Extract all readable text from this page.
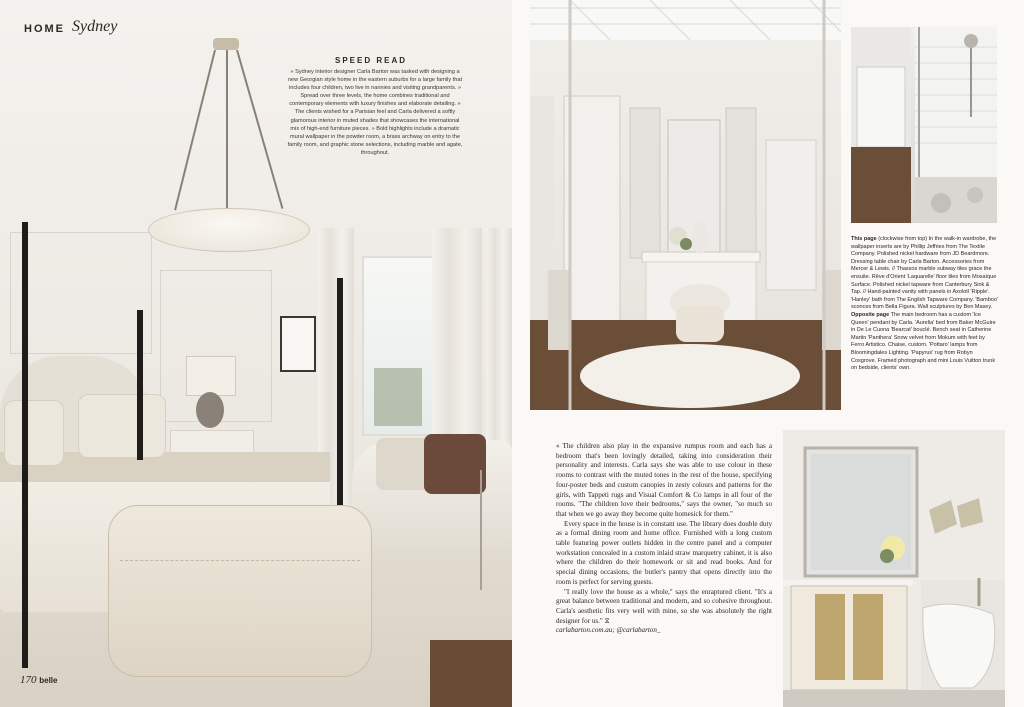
HOME Sydney
SPEED READ
» Sydney interior designer Carla Barton was tasked with designing a new Georgian style home in the eastern suburbs for a large family that includes four children, two live in nannies and visiting grandparents. » Spread over three levels, the home combines traditional and contemporary elements with luxury finishes and elaborate detailing. » The clients wished for a Parisian feel and Carla delivered a softly glamorous interior in muted shades that showcases the international mix of high-end furniture pieces. » Bold highlights include a dramatic mural wallpaper in the powder room, a brass archway on entry to the family room, and graphic stone selections, including marble and agate, throughout.
170 belle
This page (clockwise from top) In the walk-in wardrobe, the wallpaper inserts are by Phillip Jeffries from The Textile Company. Polished nickel hardware from JD Beardmore. Dressing table chair by Carla Barton. Accessories from Mercer & Lewis. // Thassos marble subway tiles grace the ensuite. Rêve d'Orient 'Laquarelle' floor tiles from Mosaïque Surface. Polished nickel tapware from Canterbury Sink & Tap. // Hand-painted vanity with panels in Axolotl 'Ripple'. 'Hanley' bath from The English Tapware Company. 'Bamboo' sconces from Bella Figura. Wall sculptures by Ben Masey. Opposite page The main bedroom has a custom 'Ice Queen' pendant by Carla. 'Aurelia' bed from Baker McGuire in De Le Cuona 'Bearcat' bouclé. Bench seat in Catherine Martin 'Panthera' Snow velvet from Mokum with feet by Ferro Artistico. Chaise, custom. 'Pottaro' lamps from Bloomingdales Lighting. 'Papyrus' rug from Robyn Cosgrove. Framed photograph and mini Louis Vuitton trunk on bedside, clients' own.

« The children also play in the expansive rumpus room and each has a bedroom that's been lovingly detailed, taking into consideration their personality and interests. Carla says she was able to use colour in these rooms to contrast with the muted tones in the rest of the house, specifying four-poster beds and custom canopies in zesty colours and patterns for the girls, with Tappeti rugs and Visual Comfort & Co lamps in all four of the rooms. "The children love their bedrooms," says the owner, "so much so that when we go away they become quite homesick for them."

Every space in the house is in constant use. The library does double duty as a formal dining room and home office. Furnished with a long custom table featuring power outlets hidden in the centre panel and a computer workstation concealed in a custom inlaid straw marquetry cabinet, it is also where the children do their homework or sit and read books. And for special dining occasions, the butler's pantry that opens directly into the room is perfect for serving guests.

"I really love the house as a whole," says the enraptured client. "It's a great balance between traditional and modern, and so cohesive throughout. Carla's aesthetic fits very well with mine, so she was absolutely the right designer for us." ⧖

carlabarton.com.au; @carlabarton_
